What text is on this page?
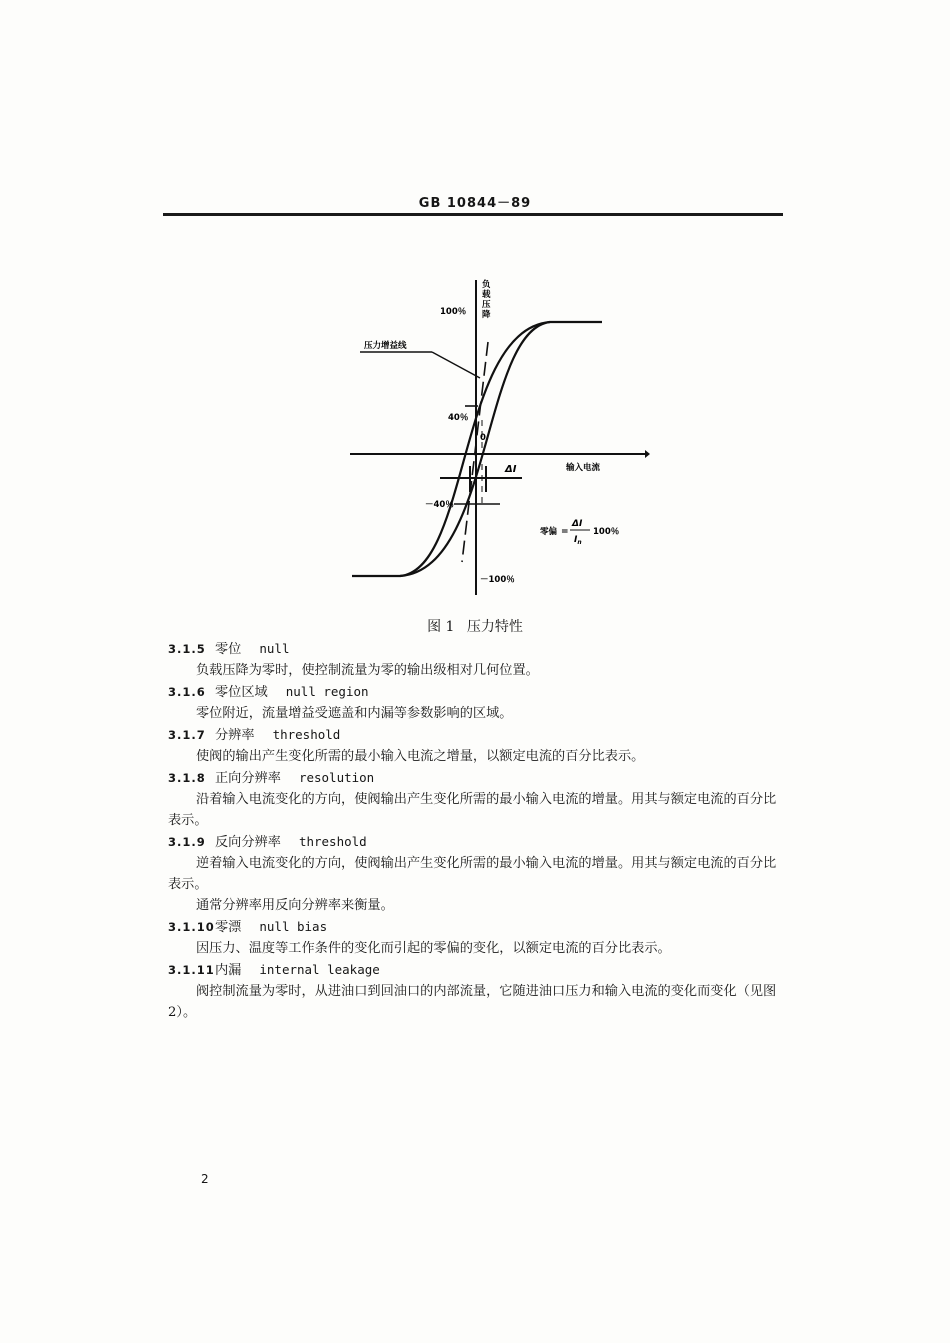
GB 10844－89
负
载
压
降
100％
压力增益线
40％
0
输入电流
ΔI
－40％
－100％
零偏 =
ΔI
$I_n$
100％
图 1 压力特性
3.1.5 零位 null

负载压降为零时，使控制流量为零的输出级相对几何位置。

3.1.6 零位区域 null region

零位附近，流量增益受遮盖和内漏等参数影响的区域。

3.1.7 分辨率 threshold

使阀的输出产生变化所需的最小输入电流之增量，以额定电流的百分比表示。

3.1.8 正向分辨率 resolution

沿着输入电流变化的方向，使阀输出产生变化所需的最小输入电流的增量。用其与额定电流的百分比表示。

3.1.9 反向分辨率 threshold

逆着输入电流变化的方向，使阀输出产生变化所需的最小输入电流的增量。用其与额定电流的百分比表示。

通常分辨率用反向分辨率来衡量。

3.1.10 零漂 null bias

因压力、温度等工作条件的变化而引起的零偏的变化，以额定电流的百分比表示。

3.1.11 内漏 internal leakage

阀控制流量为零时，从进油口到回油口的内部流量，它随进油口压力和输入电流的变化而变化（见图2）。

2
